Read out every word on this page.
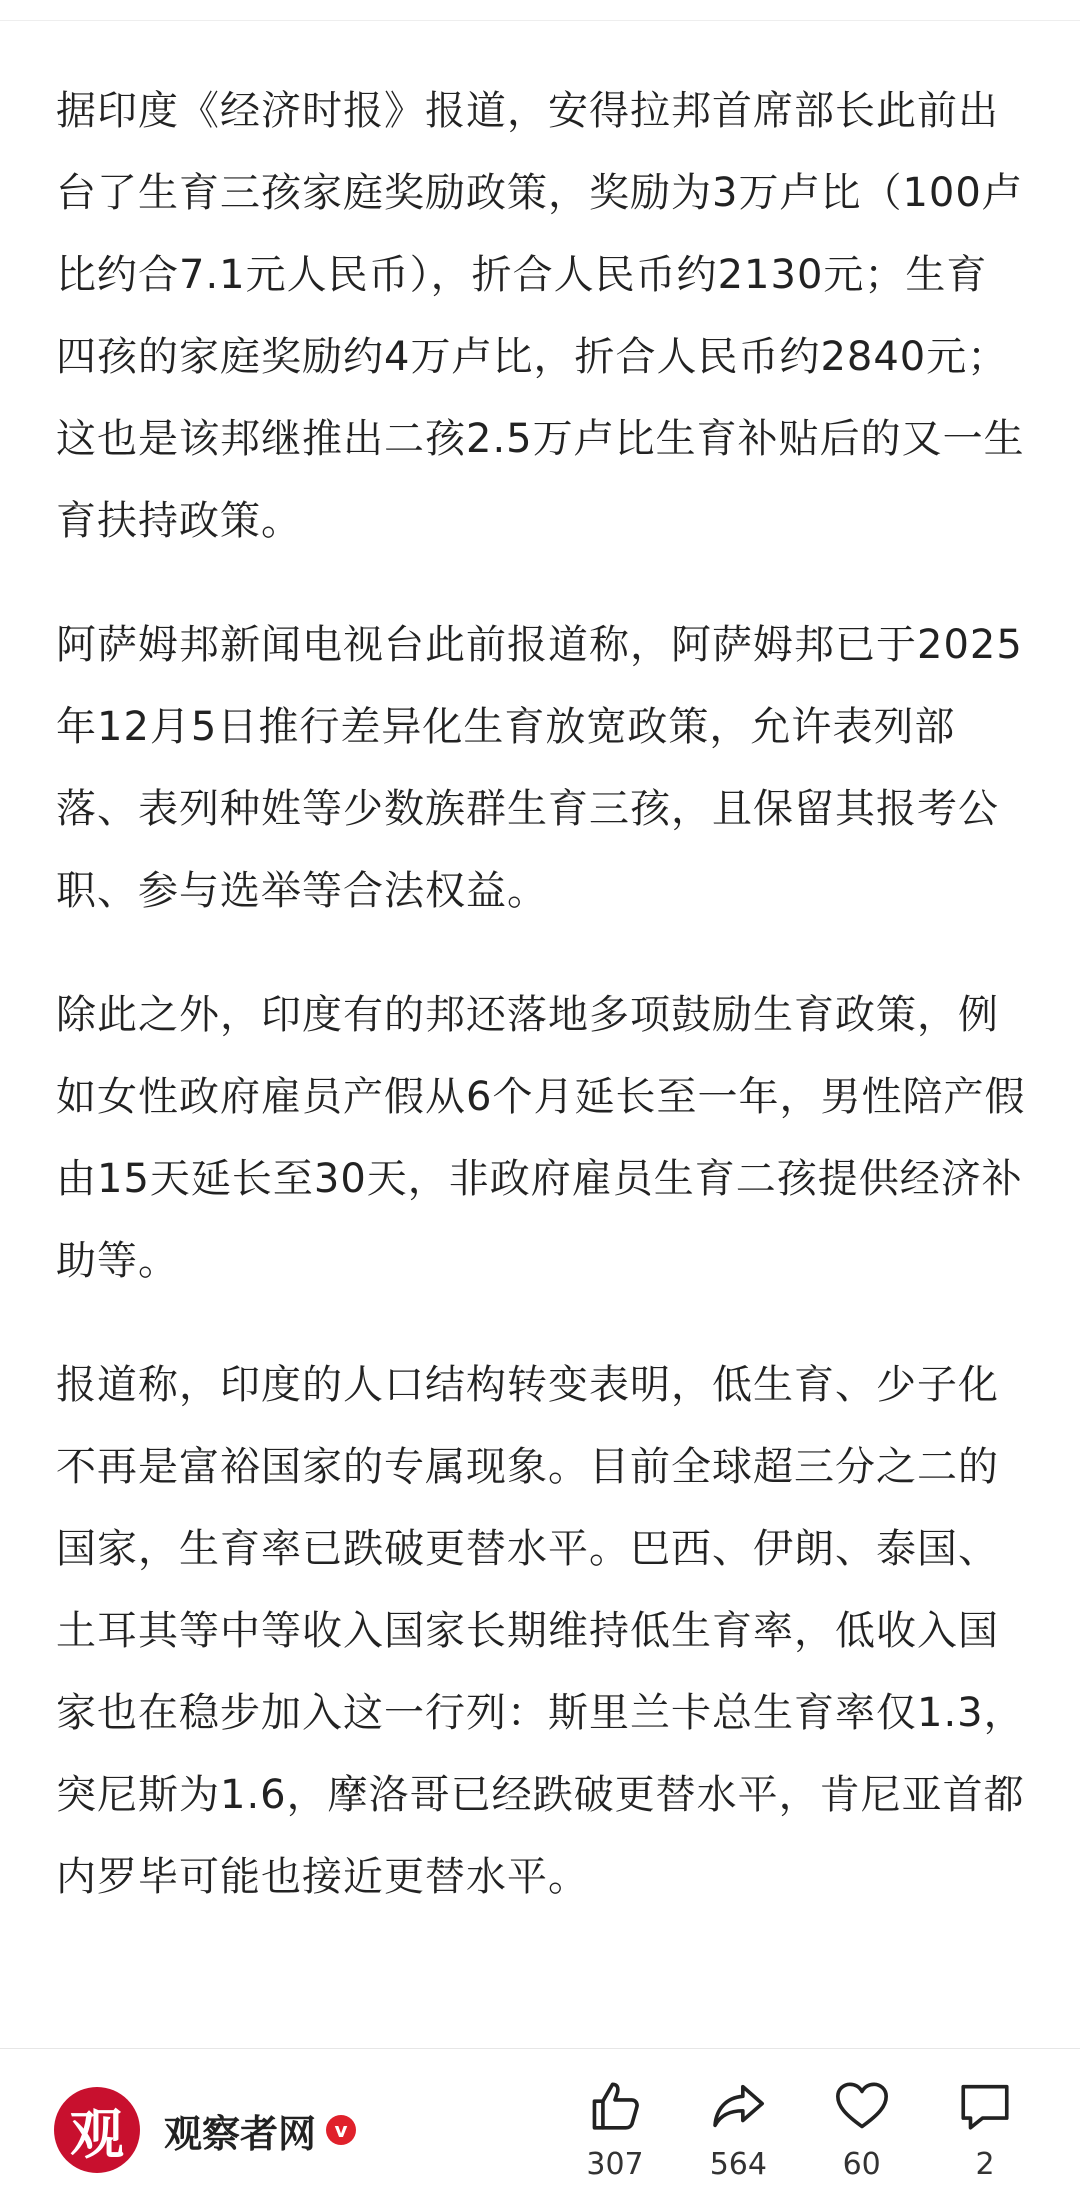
据印度《经济时报》报道，安得拉邦首席部长此前出台了生育三孩家庭奖励政策，奖励为3万卢比（100卢比约合7.1元人民币），折合人民币约2130元；生育四孩的家庭奖励约4万卢比，折合人民币约2840元；这也是该邦继推出二孩2.5万卢比生育补贴后的又一生育扶持政策。

阿萨姆邦新闻电视台此前报道称，阿萨姆邦已于2025年12月5日推行差异化生育放宽政策，允许表列部落、表列种姓等少数族群生育三孩，且保留其报考公职、参与选举等合法权益。

除此之外，印度有的邦还落地多项鼓励生育政策，例如女性政府雇员产假从6个月延长至一年，男性陪产假由15天延长至30天，非政府雇员生育二孩提供经济补助等。

报道称，印度的人口结构转变表明，低生育、少子化不再是富裕国家的专属现象。目前全球超三分之二的国家，生育率已跌破更替水平。巴西、伊朗、泰国、土耳其等中等收入国家长期维持低生育率，低收入国家也在稳步加入这一行列：斯里兰卡总生育率仅1.3，突尼斯为1.6，摩洛哥已经跌破更替水平，肯尼亚首都内罗毕可能也接近更替水平。

观	观察者网 v
307 564	60	2
